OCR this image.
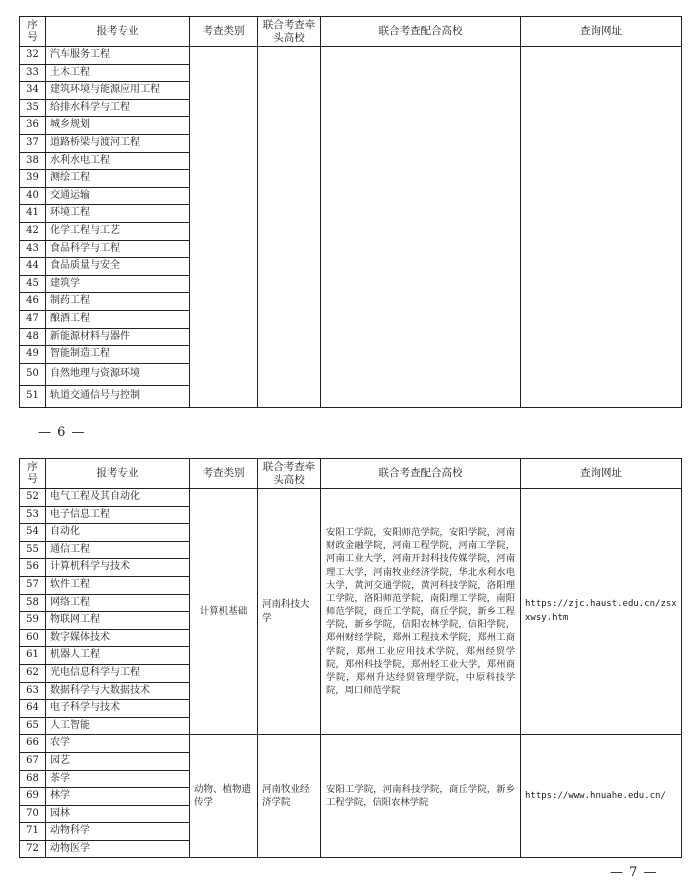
序号	报考专业	考查类别	联合考查牵头高校	联合考查配合高校	查询网址
32	汽车服务工程				
33	土木工程				
34	建筑环境与能源应用工程				
35	给排水科学与工程				
36	城乡规划				
37	道路桥梁与渡河工程				
38	水利水电工程				
39	测绘工程				
40	交通运输				
41	环境工程				
42	化学工程与工艺				
43	食品科学与工程				
44	食品质量与安全				
45	建筑学				
46	制药工程				
47	酿酒工程				
48	新能源材料与器件				
49	智能制造工程				
50	自然地理与资源环境				
51	轨道交通信号与控制				
— 6 —
序号	报考专业	考查类别	联合考查牵头高校	联合考查配合高校	查询网址
52	电气工程及其自动化	计算机基础	河南科技大学	安阳工学院，安阳师范学院，安阳学院，河南财政金融学院，河南工程学院，河南工学院，河南工业大学，河南开封科技传媒学院，河南理工大学，河南牧业经济学院，华北水利水电大学，黄河交通学院，黄河科技学院，洛阳理工学院，洛阳师范学院，南阳理工学院，南阳师范学院，商丘工学院，商丘学院，新乡工程学院，新乡学院，信阳农林学院，信阳学院，郑州财经学院，郑州工程技术学院，郑州工商学院，郑州工业应用技术学院，郑州经贸学院，郑州科技学院，郑州轻工业大学，郑州商学院，郑州升达经贸管理学院，中原科技学院，周口师范学院	https://zjc.haust.edu.cn/zsxxwsy.htm
53	电子信息工程				
54	自动化				
55	通信工程				
56	计算机科学与技术				
57	软件工程				
58	网络工程				
59	物联网工程				
60	数字媒体技术				
61	机器人工程				
62	光电信息科学与工程				
63	数据科学与大数据技术				
64	电子科学与技术				
65	人工智能				
66	农学	动物、植物遗传学	河南牧业经济学院	安阳工学院，河南科技学院，商丘学院，新乡工程学院，信阳农林学院	https://www.hnuahe.edu.cn/
67	园艺				
68	茶学				
69	林学				
70	园林				
71	动物科学				
72	动物医学				
— 7 —
